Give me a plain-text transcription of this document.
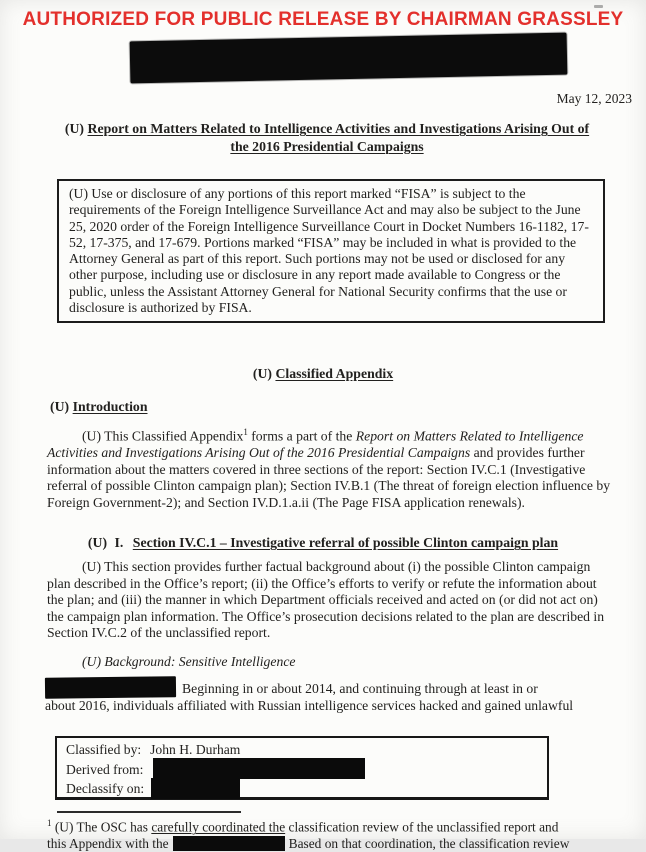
AUTHORIZED FOR PUBLIC RELEASE BY CHAIRMAN GRASSLEY
May 12, 2023
(U) Report on Matters Related to Intelligence Activities and Investigations Arising Out of
the 2016 Presidential Campaigns
(U) Use or disclosure of any portions of this report marked “FISA” is subject to the requirements of the Foreign Intelligence Surveillance Act and may also be subject to the June 25, 2020 order of the Foreign Intelligence Surveillance Court in Docket Numbers 16-1182, 17-52, 17-375, and 17-679. Portions marked “FISA” may be included in what is provided to the Attorney General as part of this report. Such portions may not be used or disclosed for any other purpose, including use or disclosure in any report made available to Congress or the public, unless the Assistant Attorney General for National Security confirms that the use or disclosure is authorized by FISA.
(U) Classified Appendix
(U) Introduction
(U) This Classified Appendix$^1$ forms a part of the Report on Matters Related to Intelligence Activities and Investigations Arising Out of the 2016 Presidential Campaigns and provides further information about the matters covered in three sections of the report: Section IV.C.1 (Investigative referral of possible Clinton campaign plan); Section IV.B.1 (The threat of foreign election influence by Foreign Government-2); and Section IV.D.1.a.ii (The Page FISA application renewals).
(U) I. Section IV.C.1 – Investigative referral of possible Clinton campaign plan
(U) This section provides further factual background about (i) the possible Clinton campaign plan described in the Office’s report; (ii) the Office’s efforts to verify or refute the information about the plan; and (iii) the manner in which Department officials received and acted on (or did not act on) the campaign plan information. The Office’s prosecution decisions related to the plan are described in Section IV.C.2 of the unclassified report.
(U) Background: Sensitive Intelligence
Beginning in or about 2014, and continuing through at least in or
about 2016, individuals affiliated with Russian intelligence services hacked and gained unlawful
Classified by: John H. Durham
Derived from:
Declassify on:
$^1$ (U) The OSC has carefully coordinated the classification review of the unclassified report and
this Appendix with the	Based on that coordination, the classification review
